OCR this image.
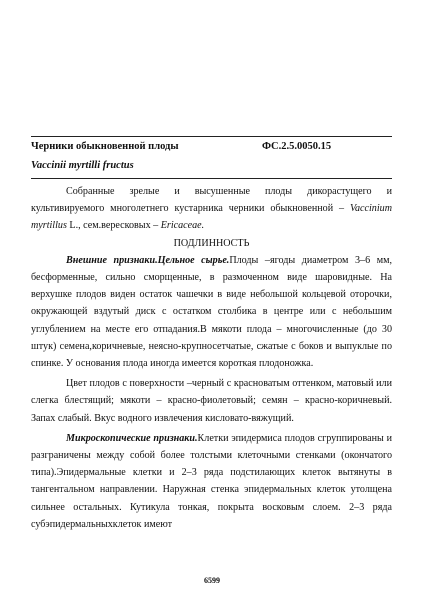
Черники обыкновенной плоды	ФС.2.5.0050.15
Vaccinii myrtilli fructus

Собранные зрелые и высушенные плоды дикорастущего и культивируемого многолетнего кустарника черники обыкновенной – Vaccinium myrtillus L., сем.вересковых – Ericaceae.

ПОДЛИННОСТЬ

Внешние признаки.Цельное сырье.Плоды –ягоды диаметром 3–6 мм, бесформенные, сильно сморщенные, в размоченном виде шаровидные. На верхушке плодов виден остаток чашечки в виде небольшой кольцевой оторочки, окружающей вздутый диск с остатком столбика в центре или с небольшим углублением на месте его отпадания.В мякоти плода – многочисленные (до 30 штук) семена,коричневые, неясно-крупносетчатые, сжатые с боков и выпуклые по спинке. У основания плода иногда имеется короткая плодоножка.

Цвет плодов с поверхности –черный с красноватым оттенком, матовый или слегка блестящий; мякоти – красно-фиолетовый; семян – красно-коричневый. Запах слабый. Вкус водного извлечения кисловато-вяжущий.

Микроскопические признаки.Клетки эпидермиса плодов сгруппированы и разграничены между собой более толстыми клеточными стенками (окончатого типа).Эпидермальные клетки и 2–3 ряда подстилающих клеток вытянуты в тангентальном направлении. Наружная стенка эпидермальных клеток утолщена сильнее остальных. Кутикула тонкая, покрыта восковым слоем. 2–3 ряда субэпидермальныхклеток имеют

6599
